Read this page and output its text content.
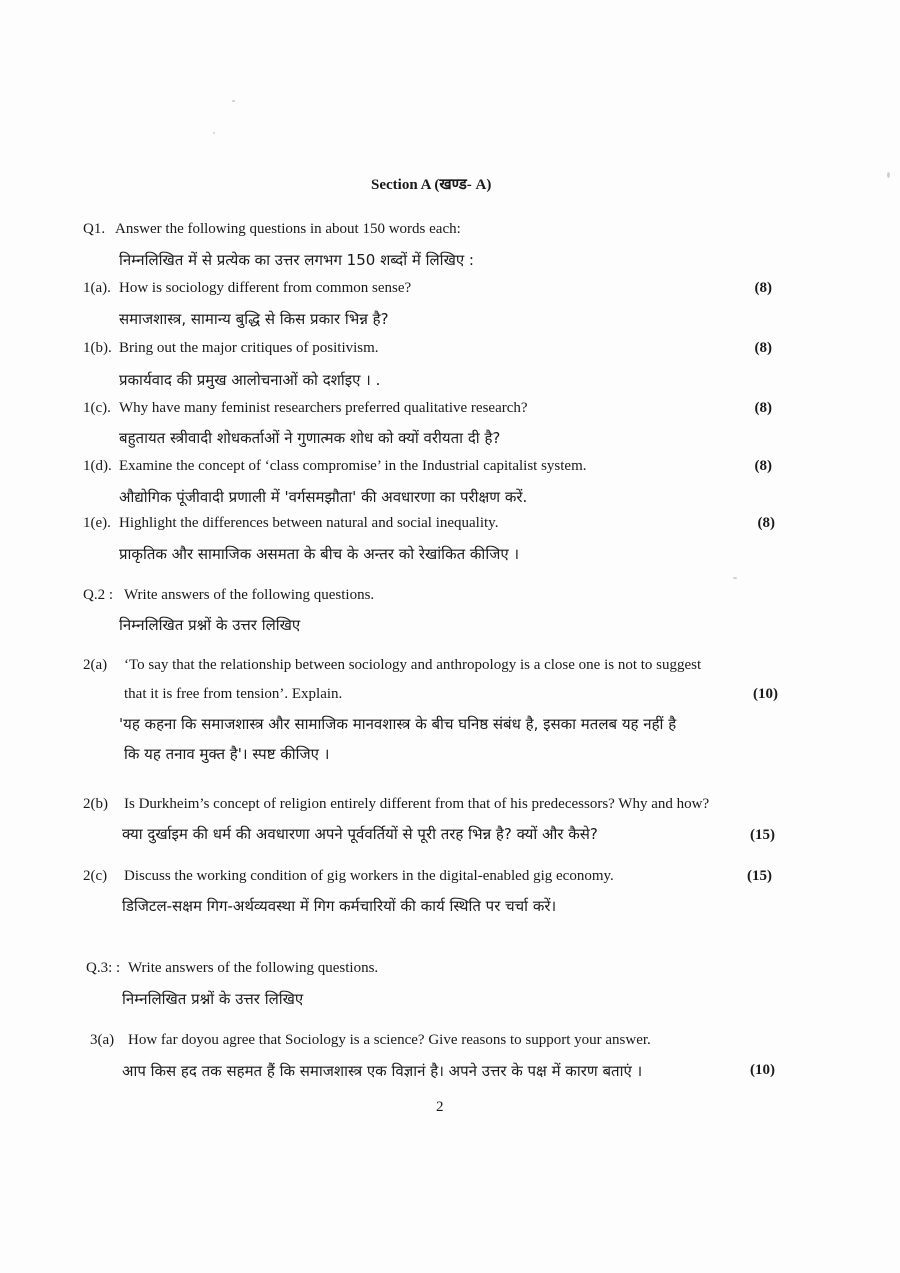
Section A (खण्ड- A)
Q1. Answer the following questions in about 150 words each:
निम्नलिखित में से प्रत्येक का उत्तर लगभग 150 शब्दों में लिखिए :
1(a). How is sociology different from common sense?	(8)
समाजशास्त्र, सामान्य बुद्धि से किस प्रकार भिन्न है?
1(b). Bring out the major critiques of positivism.	(8)
प्रकार्यवाद की प्रमुख आलोचनाओं को दर्शाइए । .
1(c). Why have many feminist researchers preferred qualitative research?	(8)
बहुतायत स्त्रीवादी शोधकर्ताओं ने गुणात्मक शोध को क्यों वरीयता दी है?
1(d). Examine the concept of ‘class compromise’ in the Industrial capitalist system.	(8)
औद्योगिक पूंजीवादी प्रणाली में 'वर्गसमझौता' की अवधारणा का परीक्षण करें.
1(e). Highlight the differences between natural and social inequality.	(8)
प्राकृतिक और सामाजिक असमता के बीच के अन्तर को रेखांकित कीजिए ।
Q.2 : Write answers of the following questions.
निम्नलिखित प्रश्नों के उत्तर लिखिए
2(a) ‘To say that the relationship between sociology and anthropology is a close one is not to suggest
that it is free from tension’. Explain.	(10)
'यह कहना कि समाजशास्त्र और सामाजिक मानवशास्त्र के बीच घनिष्ठ संबंध है, इसका मतलब यह नहीं है
कि यह तनाव मुक्त है'। स्पष्ट कीजिए ।
2(b) Is Durkheim’s concept of religion entirely different from that of his predecessors? Why and how?
क्या दुर्खाइम की धर्म की अवधारणा अपने पूर्ववर्तियों से पूरी तरह भिन्न है? क्यों और कैसे?	(15)
2(c) Discuss the working condition of gig workers in the digital-enabled gig economy.	(15)
डिजिटल-सक्षम गिग-अर्थव्यवस्था में गिग कर्मचारियों की कार्य स्थिति पर चर्चा करें।
Q.3: : Write answers of the following questions.
निम्नलिखित प्रश्नों के उत्तर लिखिए
3(a) How far doyou agree that Sociology is a science? Give reasons to support your answer.
आप किस हद तक सहमत हैं कि समाजशास्त्र एक विज्ञानं है। अपने उत्तर के पक्ष में कारण बताएं ।	(10)
2
